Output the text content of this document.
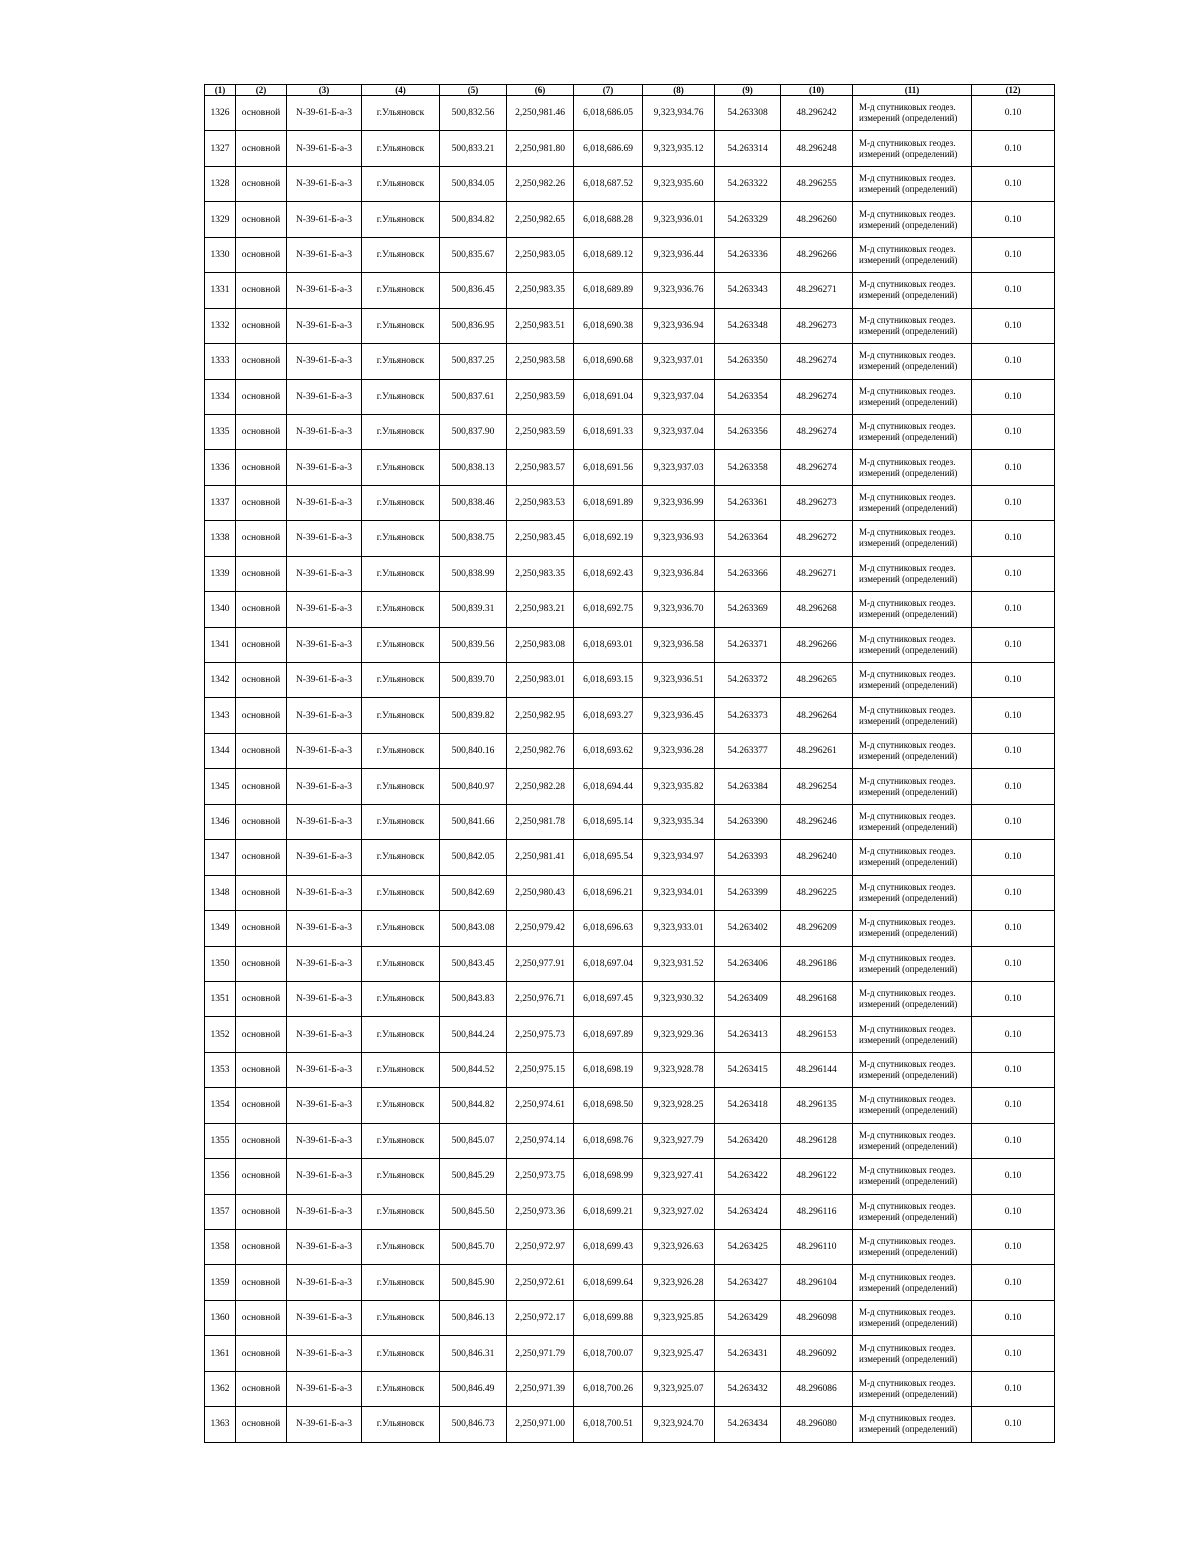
(1)	(2)	(3)	(4)	(5)	(6)	(7)	(8)	(9)	(10)	(11)	(12)
1326	основной	N-39-61-Б-а-3	г.Ульяновск	500,832.56	2,250,981.46	6,018,686.05	9,323,934.76	54.263308	48.296242	М-д спутниковых геодез. измерений (определений)	0.10
1327	основной	N-39-61-Б-а-3	г.Ульяновск	500,833.21	2,250,981.80	6,018,686.69	9,323,935.12	54.263314	48.296248	М-д спутниковых геодез. измерений (определений)	0.10
1328	основной	N-39-61-Б-а-3	г.Ульяновск	500,834.05	2,250,982.26	6,018,687.52	9,323,935.60	54.263322	48.296255	М-д спутниковых геодез. измерений (определений)	0.10
1329	основной	N-39-61-Б-а-3	г.Ульяновск	500,834.82	2,250,982.65	6,018,688.28	9,323,936.01	54.263329	48.296260	М-д спутниковых геодез. измерений (определений)	0.10
1330	основной	N-39-61-Б-а-3	г.Ульяновск	500,835.67	2,250,983.05	6,018,689.12	9,323,936.44	54.263336	48.296266	М-д спутниковых геодез. измерений (определений)	0.10
1331	основной	N-39-61-Б-а-3	г.Ульяновск	500,836.45	2,250,983.35	6,018,689.89	9,323,936.76	54.263343	48.296271	М-д спутниковых геодез. измерений (определений)	0.10
1332	основной	N-39-61-Б-а-3	г.Ульяновск	500,836.95	2,250,983.51	6,018,690.38	9,323,936.94	54.263348	48.296273	М-д спутниковых геодез. измерений (определений)	0.10
1333	основной	N-39-61-Б-а-3	г.Ульяновск	500,837.25	2,250,983.58	6,018,690.68	9,323,937.01	54.263350	48.296274	М-д спутниковых геодез. измерений (определений)	0.10
1334	основной	N-39-61-Б-а-3	г.Ульяновск	500,837.61	2,250,983.59	6,018,691.04	9,323,937.04	54.263354	48.296274	М-д спутниковых геодез. измерений (определений)	0.10
1335	основной	N-39-61-Б-а-3	г.Ульяновск	500,837.90	2,250,983.59	6,018,691.33	9,323,937.04	54.263356	48.296274	М-д спутниковых геодез. измерений (определений)	0.10
1336	основной	N-39-61-Б-а-3	г.Ульяновск	500,838.13	2,250,983.57	6,018,691.56	9,323,937.03	54.263358	48.296274	М-д спутниковых геодез. измерений (определений)	0.10
1337	основной	N-39-61-Б-а-3	г.Ульяновск	500,838.46	2,250,983.53	6,018,691.89	9,323,936.99	54.263361	48.296273	М-д спутниковых геодез. измерений (определений)	0.10
1338	основной	N-39-61-Б-а-3	г.Ульяновск	500,838.75	2,250,983.45	6,018,692.19	9,323,936.93	54.263364	48.296272	М-д спутниковых геодез. измерений (определений)	0.10
1339	основной	N-39-61-Б-а-3	г.Ульяновск	500,838.99	2,250,983.35	6,018,692.43	9,323,936.84	54.263366	48.296271	М-д спутниковых геодез. измерений (определений)	0.10
1340	основной	N-39-61-Б-а-3	г.Ульяновск	500,839.31	2,250,983.21	6,018,692.75	9,323,936.70	54.263369	48.296268	М-д спутниковых геодез. измерений (определений)	0.10
1341	основной	N-39-61-Б-а-3	г.Ульяновск	500,839.56	2,250,983.08	6,018,693.01	9,323,936.58	54.263371	48.296266	М-д спутниковых геодез. измерений (определений)	0.10
1342	основной	N-39-61-Б-а-3	г.Ульяновск	500,839.70	2,250,983.01	6,018,693.15	9,323,936.51	54.263372	48.296265	М-д спутниковых геодез. измерений (определений)	0.10
1343	основной	N-39-61-Б-а-3	г.Ульяновск	500,839.82	2,250,982.95	6,018,693.27	9,323,936.45	54.263373	48.296264	М-д спутниковых геодез. измерений (определений)	0.10
1344	основной	N-39-61-Б-а-3	г.Ульяновск	500,840.16	2,250,982.76	6,018,693.62	9,323,936.28	54.263377	48.296261	М-д спутниковых геодез. измерений (определений)	0.10
1345	основной	N-39-61-Б-а-3	г.Ульяновск	500,840.97	2,250,982.28	6,018,694.44	9,323,935.82	54.263384	48.296254	М-д спутниковых геодез. измерений (определений)	0.10
1346	основной	N-39-61-Б-а-3	г.Ульяновск	500,841.66	2,250,981.78	6,018,695.14	9,323,935.34	54.263390	48.296246	М-д спутниковых геодез. измерений (определений)	0.10
1347	основной	N-39-61-Б-а-3	г.Ульяновск	500,842.05	2,250,981.41	6,018,695.54	9,323,934.97	54.263393	48.296240	М-д спутниковых геодез. измерений (определений)	0.10
1348	основной	N-39-61-Б-а-3	г.Ульяновск	500,842.69	2,250,980.43	6,018,696.21	9,323,934.01	54.263399	48.296225	М-д спутниковых геодез. измерений (определений)	0.10
1349	основной	N-39-61-Б-а-3	г.Ульяновск	500,843.08	2,250,979.42	6,018,696.63	9,323,933.01	54.263402	48.296209	М-д спутниковых геодез. измерений (определений)	0.10
1350	основной	N-39-61-Б-а-3	г.Ульяновск	500,843.45	2,250,977.91	6,018,697.04	9,323,931.52	54.263406	48.296186	М-д спутниковых геодез. измерений (определений)	0.10
1351	основной	N-39-61-Б-а-3	г.Ульяновск	500,843.83	2,250,976.71	6,018,697.45	9,323,930.32	54.263409	48.296168	М-д спутниковых геодез. измерений (определений)	0.10
1352	основной	N-39-61-Б-а-3	г.Ульяновск	500,844.24	2,250,975.73	6,018,697.89	9,323,929.36	54.263413	48.296153	М-д спутниковых геодез. измерений (определений)	0.10
1353	основной	N-39-61-Б-а-3	г.Ульяновск	500,844.52	2,250,975.15	6,018,698.19	9,323,928.78	54.263415	48.296144	М-д спутниковых геодез. измерений (определений)	0.10
1354	основной	N-39-61-Б-а-3	г.Ульяновск	500,844.82	2,250,974.61	6,018,698.50	9,323,928.25	54.263418	48.296135	М-д спутниковых геодез. измерений (определений)	0.10
1355	основной	N-39-61-Б-а-3	г.Ульяновск	500,845.07	2,250,974.14	6,018,698.76	9,323,927.79	54.263420	48.296128	М-д спутниковых геодез. измерений (определений)	0.10
1356	основной	N-39-61-Б-а-3	г.Ульяновск	500,845.29	2,250,973.75	6,018,698.99	9,323,927.41	54.263422	48.296122	М-д спутниковых геодез. измерений (определений)	0.10
1357	основной	N-39-61-Б-а-3	г.Ульяновск	500,845.50	2,250,973.36	6,018,699.21	9,323,927.02	54.263424	48.296116	М-д спутниковых геодез. измерений (определений)	0.10
1358	основной	N-39-61-Б-а-3	г.Ульяновск	500,845.70	2,250,972.97	6,018,699.43	9,323,926.63	54.263425	48.296110	М-д спутниковых геодез. измерений (определений)	0.10
1359	основной	N-39-61-Б-а-3	г.Ульяновск	500,845.90	2,250,972.61	6,018,699.64	9,323,926.28	54.263427	48.296104	М-д спутниковых геодез. измерений (определений)	0.10
1360	основной	N-39-61-Б-а-3	г.Ульяновск	500,846.13	2,250,972.17	6,018,699.88	9,323,925.85	54.263429	48.296098	М-д спутниковых геодез. измерений (определений)	0.10
1361	основной	N-39-61-Б-а-3	г.Ульяновск	500,846.31	2,250,971.79	6,018,700.07	9,323,925.47	54.263431	48.296092	М-д спутниковых геодез. измерений (определений)	0.10
1362	основной	N-39-61-Б-а-3	г.Ульяновск	500,846.49	2,250,971.39	6,018,700.26	9,323,925.07	54.263432	48.296086	М-д спутниковых геодез. измерений (определений)	0.10
1363	основной	N-39-61-Б-а-3	г.Ульяновск	500,846.73	2,250,971.00	6,018,700.51	9,323,924.70	54.263434	48.296080	М-д спутниковых геодез. измерений (определений)	0.10
